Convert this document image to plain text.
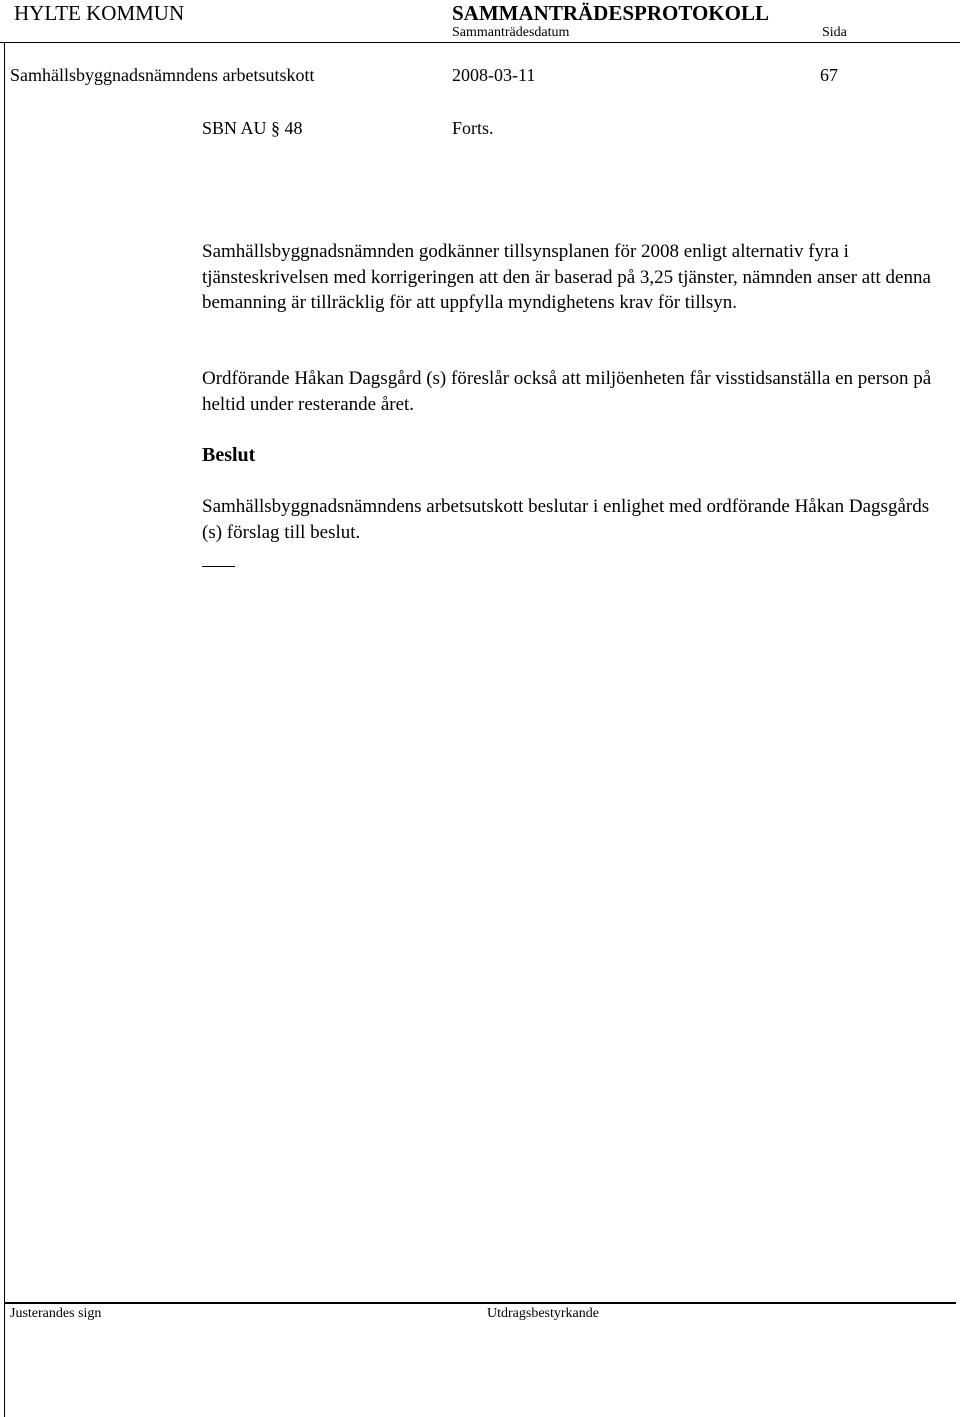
HYLTE KOMMUN	SAMMANTRÄDESPROTOKOLL
Sammanträdesdatum	Sida
Samhällsbyggnadsnämndens arbetsutskott	2008-03-11	67
SBN AU § 48	Forts.
Samhällsbyggnadsnämnden godkänner tillsynsplanen för 2008 enligt alternativ fyra i tjänsteskrivelsen med korrigeringen att den är baserad på 3,25 tjänster, nämnden anser att denna bemanning är tillräcklig för att uppfylla myndighetens krav för tillsyn.
Ordförande Håkan Dagsgård (s) föreslår också att miljöenheten får visstidsanställa en person på heltid under resterande året.
Beslut
Samhällsbyggnadsnämndens arbetsutskott beslutar i enlighet med ordförande Håkan Dagsgårds (s) förslag till beslut.
Justerandes sign	Utdragsbestyrkande
